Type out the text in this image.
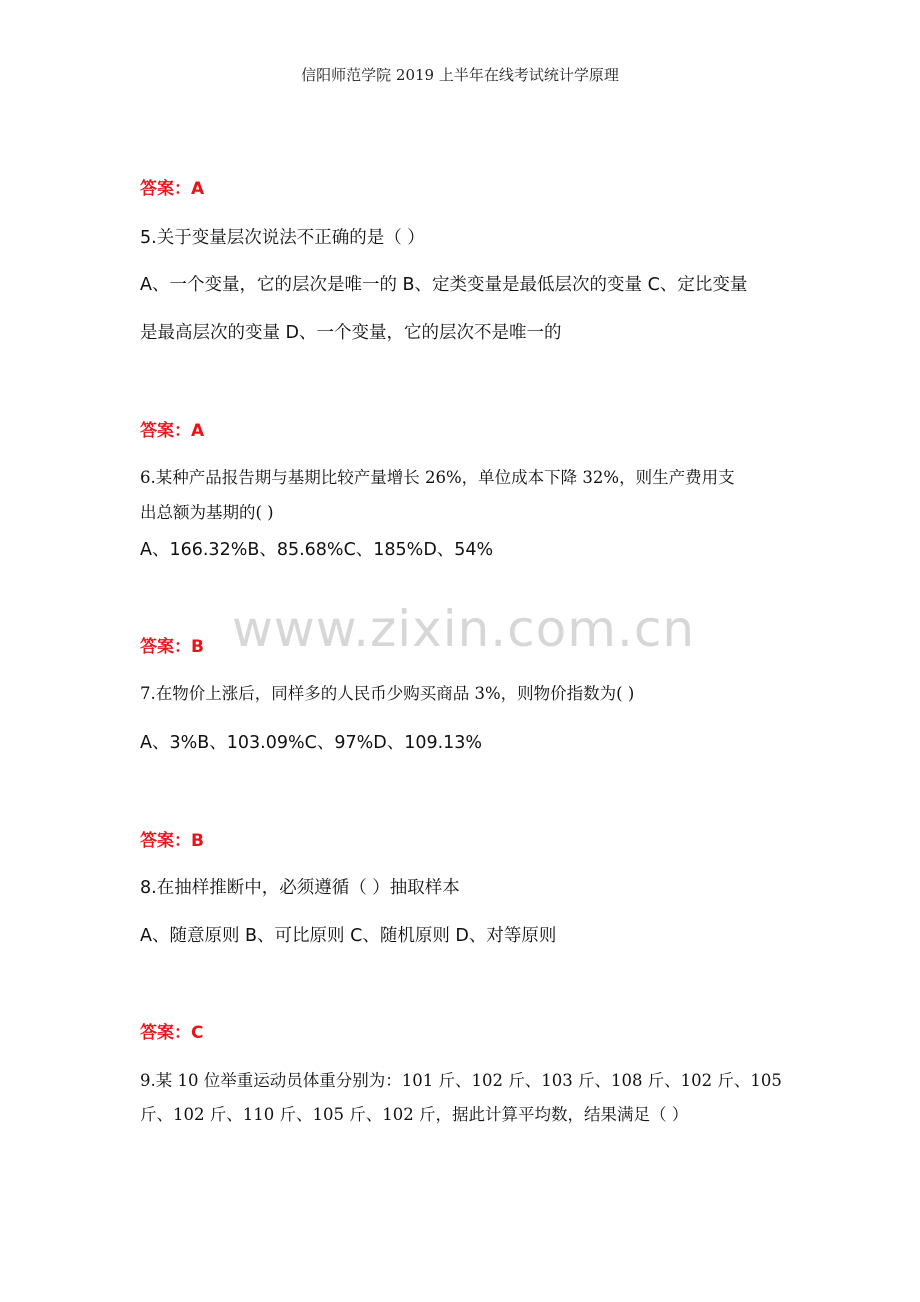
信阳师范学院 2019 上半年在线考试统计学原理
答案：A
5.关于变量层次说法不正确的是（ ）
A、一个变量，它的层次是唯一的 B、定类变量是最低层次的变量 C、定比变量
是最高层次的变量 D、一个变量，它的层次不是唯一的
答案：A
6.某种产品报告期与基期比较产量增长 26%，单位成本下降 32%，则生产费用支
出总额为基期的( )
A、166.32%B、85.68%C、185%D、54%
www.zixin.com.cn
答案：B
7.在物价上涨后，同样多的人民币少购买商品 3%，则物价指数为( )
A、3%B、103.09%C、97%D、109.13%
答案：B
8.在抽样推断中，必须遵循（ ）抽取样本
A、随意原则 B、可比原则 C、随机原则 D、对等原则
答案：C
9.某 10 位举重运动员体重分别为：101 斤、102 斤、103 斤、108 斤、102 斤、105
斤、102 斤、110 斤、105 斤、102 斤，据此计算平均数，结果满足（ ）
